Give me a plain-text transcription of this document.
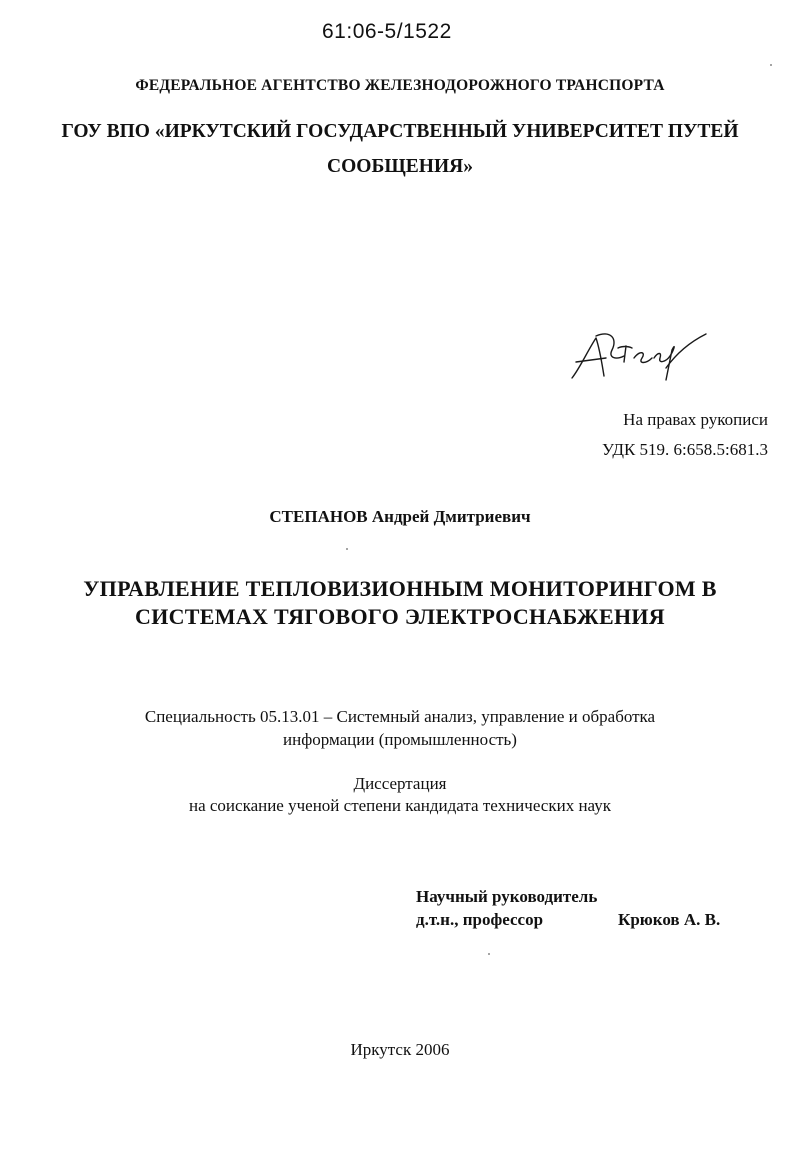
61:06-5/1522
ФЕДЕРАЛЬНОЕ АГЕНТСТВО ЖЕЛЕЗНОДОРОЖНОГО ТРАНСПОРТА
ГОУ ВПО «ИРКУТСКИЙ ГОСУДАРСТВЕННЫЙ УНИВЕРСИТЕТ ПУТЕЙ
СООБЩЕНИЯ»
На правах рукописи
УДК 519. 6:658.5:681.3
СТЕПАНОВ Андрей Дмитриевич
УПРАВЛЕНИЕ ТЕПЛОВИЗИОННЫМ МОНИТОРИНГОМ В
СИСТЕМАХ ТЯГОВОГО ЭЛЕКТРОСНАБЖЕНИЯ
Специальность 05.13.01 – Системный анализ, управление и обработка
информации (промышленность)
Диссертация
на соискание ученой степени кандидата технических наук
Научный руководитель
д.т.н., профессор	Крюков А. В.
Иркутск 2006
